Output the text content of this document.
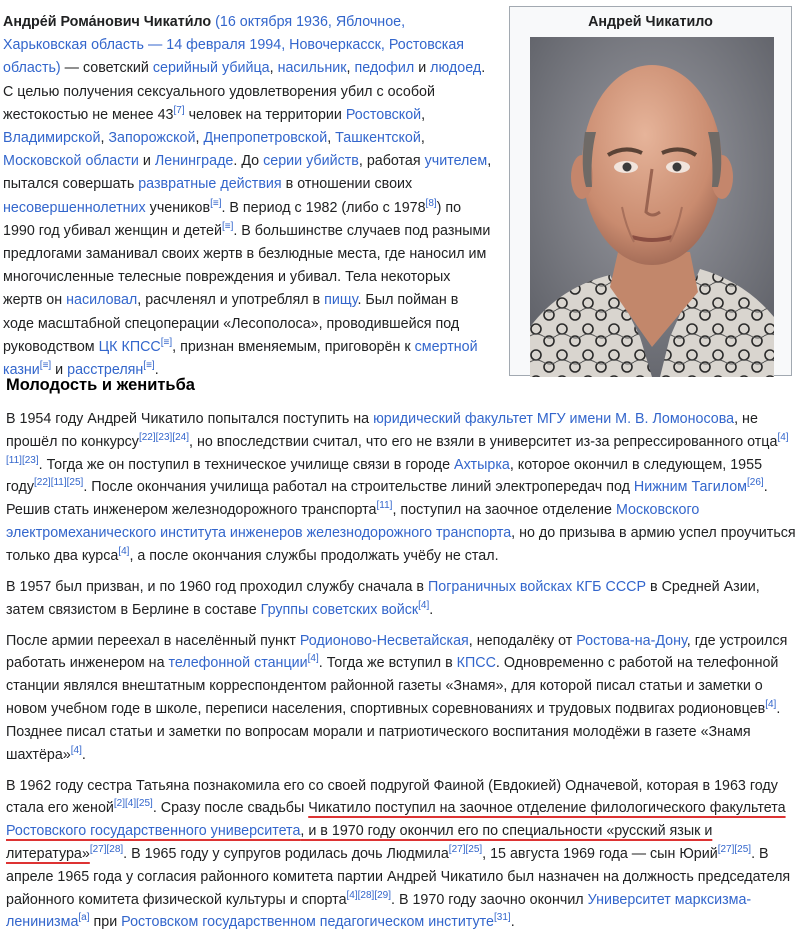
Андре́й Рома́нович Чикати́ло (16 октября 1936, Яблочное, Харьковская область — 14 февраля 1994, Новочеркасск, Ростовская область) — советский серийный убийца, насильник, педофил и людоед. С целью получения сексуального удовлетворения убил с особой жестокостью не менее 43[7] человек на территории Ростовской, Владимирской, Запорожской, Днепропетровской, Ташкентской, Московской области и Ленинграде. До серии убийств, работая учителем, пытался совершать развратные действия в отношении своих несовершеннолетних учеников[≡]. В период с 1982 (либо с 1978[8]) по 1990 год убивал женщин и детей[≡]. В большинстве случаев под разными предлогами заманивал своих жертв в безлюдные места, где наносил им многочисленные телесные повреждения и убивал. Тела некоторых жертв он насиловал, расчленял и употреблял в пищу. Был пойман в ходе масштабной спецоперации «Лесополоса», проводившейся под руководством ЦК КПСС[≡], признан вменяемым, приговорён к смертной казни[≡] и расстрелян[≡].

Андрей Чикатило
Молодость и женитьба

В 1954 году Андрей Чикатило попытался поступить на юридический факультет МГУ имени М. В. Ломоносова, не прошёл по конкурсу[22][23][24], но впоследствии считал, что его не взяли в университет из-за репрессированного отца[4][11][23]. Тогда же он поступил в техническое училище связи в городе Ахтырка, которое окончил в следующем, 1955 году[22][11][25]. После окончания училища работал на строительстве линий электропередач под Нижним Тагилом[26]. Решив стать инженером железнодорожного транспорта[11], поступил на заочное отделение Московского электромеханического института инженеров железнодорожного транспорта, но до призыва в армию успел проучиться только два курса[4], а после окончания службы продолжать учёбу не стал.

В 1957 был призван, и по 1960 год проходил службу сначала в Пограничных войсках КГБ СССР в Средней Азии, затем связистом в Берлине в составе Группы советских войск[4].

После армии переехал в населённый пункт Родионово-Несветайская, неподалёку от Ростова-на-Дону, где устроился работать инженером на телефонной станции[4]. Тогда же вступил в КПСС. Одновременно с работой на телефонной станции являлся внештатным корреспондентом районной газеты «Знамя», для которой писал статьи и заметки о новом учебном годе в школе, переписи населения, спортивных соревнованиях и трудовых подвигах родионовцев[4]. Позднее писал статьи и заметки по вопросам морали и патриотического воспитания молодёжи в газете «Знамя шахтёра»[4].

В 1962 году сестра Татьяна познакомила его со своей подругой Фаиной (Евдокией) Одначевой, которая в 1963 году стала его женой[2][4][25]. Сразу после свадьбы Чикатило поступил на заочное отделение филологического факультета Ростовского государственного университета, и в 1970 году окончил его по специальности «русский язык и литература»[27][28]. В 1965 году у супругов родилась дочь Людмила[27][25], 15 августа 1969 года — сын Юрий[27][25]. В апреле 1965 года у согласия районного комитета партии Андрей Чикатило был назначен на должность председателя районного комитета физической культуры и спорта[4][28][29]. В 1970 году заочно окончил Университет марксизма-ленинизма[a] при Ростовском государственном педагогическом институте[31].
